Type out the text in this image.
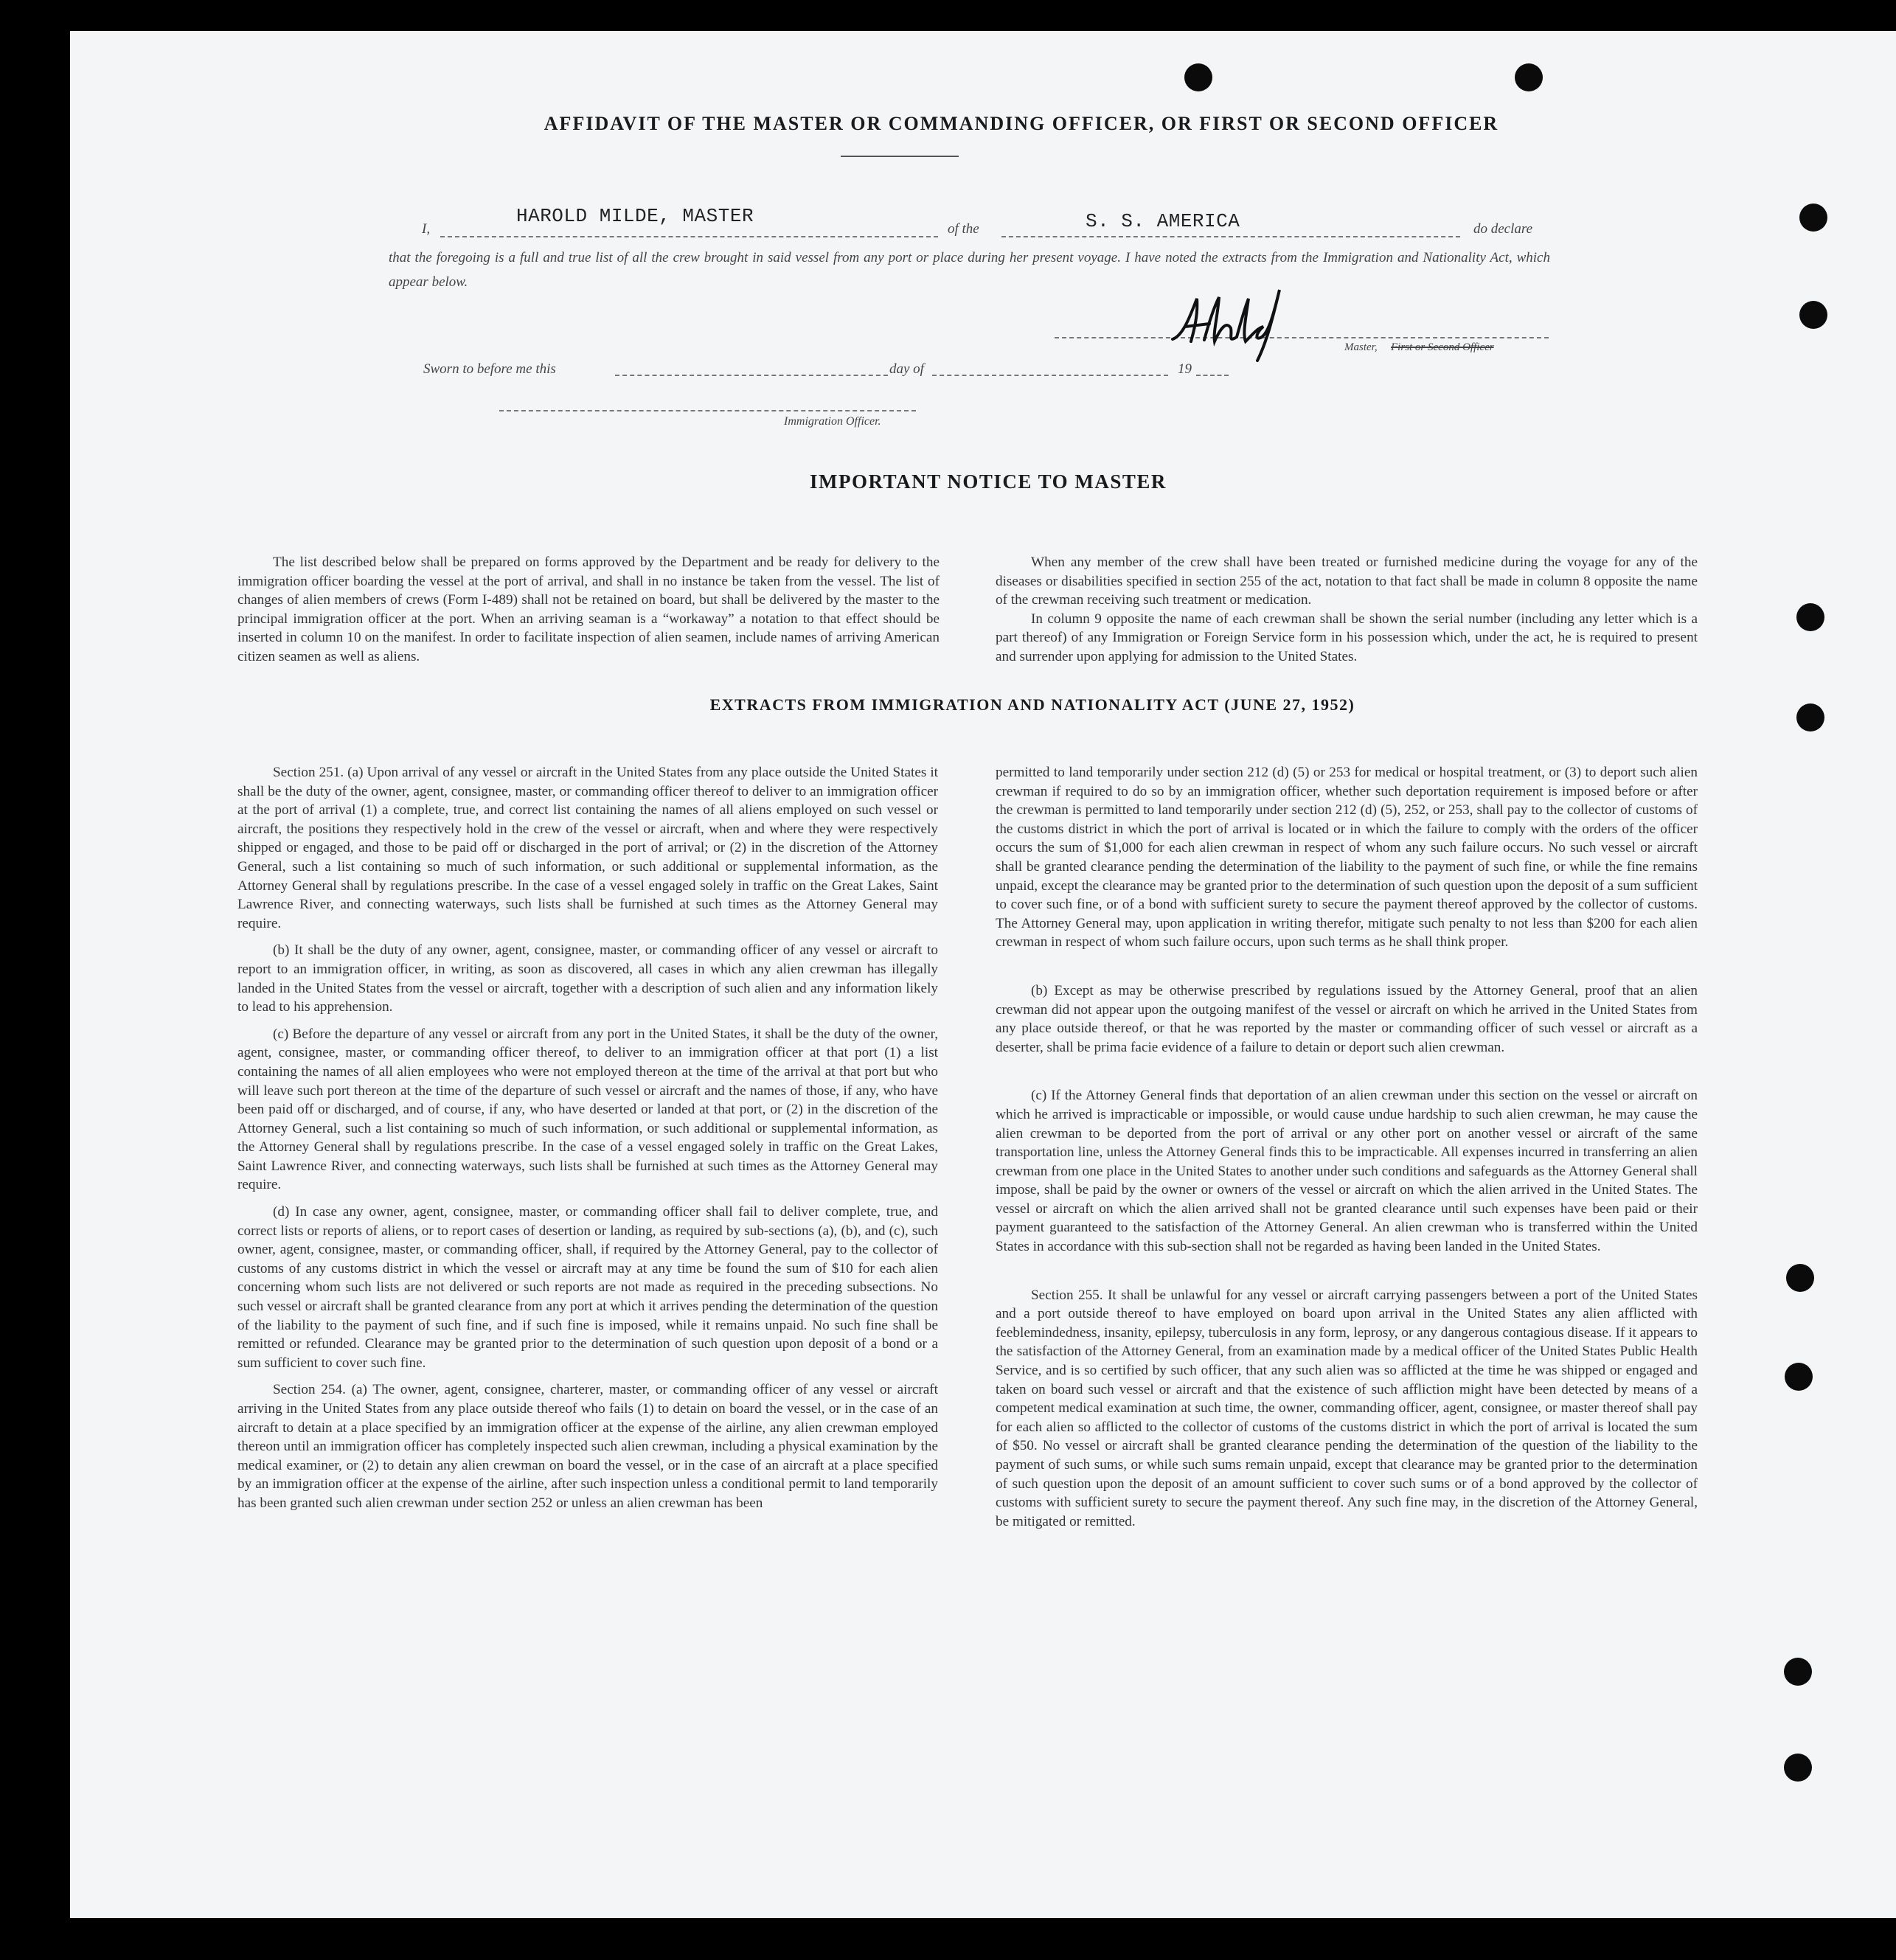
AFFIDAVIT OF THE MASTER OR COMMANDING OFFICER, OR FIRST OR SECOND OFFICER
I,
HAROLD MILDE, MASTER
of the	S. S. AMERICA	do declare
that the foregoing is a full and true list of all the crew brought in said vessel from any port or place during her present voyage. I have noted the extracts from the Immigration and Nationality Act, which appear below.
Master, First or Second Officer
Sworn to before me this	day of	19
Immigration Officer.
IMPORTANT NOTICE TO MASTER

The list described below shall be prepared on forms approved by the Department and be ready for delivery to the immigration officer boarding the vessel at the port of arrival, and shall in no instance be taken from the vessel. The list of changes of alien members of crews (Form I-489) shall not be retained on board, but shall be delivered by the master to the principal immigration officer at the port. When an arriving seaman is a “workaway” a notation to that effect should be inserted in column 10 on the manifest. In order to facilitate inspection of alien seamen, include names of arriving American citizen seamen as well as aliens.

When any member of the crew shall have been treated or furnished medicine during the voyage for any of the diseases or disabilities specified in section 255 of the act, notation to that fact shall be made in column 8 opposite the name of the crewman receiving such treatment or medication.

In column 9 opposite the name of each crewman shall be shown the serial number (including any letter which is a part thereof) of any Immigration or Foreign Service form in his possession which, under the act, he is required to present and surrender upon applying for admission to the United States.

EXTRACTS FROM IMMIGRATION AND NATIONALITY ACT (JUNE 27, 1952)

Section 251. (a) Upon arrival of any vessel or aircraft in the United States from any place outside the United States it shall be the duty of the owner, agent, consignee, master, or commanding officer thereof to deliver to an immigration officer at the port of arrival (1) a complete, true, and correct list containing the names of all aliens employed on such vessel or aircraft, the positions they respectively hold in the crew of the vessel or aircraft, when and where they were respectively shipped or engaged, and those to be paid off or discharged in the port of arrival; or (2) in the discretion of the Attorney General, such a list containing so much of such information, or such additional or supplemental information, as the Attorney General shall by regulations prescribe. In the case of a vessel engaged solely in traffic on the Great Lakes, Saint Lawrence River, and connecting waterways, such lists shall be furnished at such times as the Attorney General may require.

(b) It shall be the duty of any owner, agent, consignee, master, or commanding officer of any vessel or aircraft to report to an immigration officer, in writing, as soon as discovered, all cases in which any alien crewman has illegally landed in the United States from the vessel or aircraft, together with a description of such alien and any information likely to lead to his apprehension.

(c) Before the departure of any vessel or aircraft from any port in the United States, it shall be the duty of the owner, agent, consignee, master, or commanding officer thereof, to deliver to an immigration officer at that port (1) a list containing the names of all alien employees who were not employed thereon at the time of the arrival at that port but who will leave such port thereon at the time of the departure of such vessel or aircraft and the names of those, if any, who have been paid off or discharged, and of course, if any, who have deserted or landed at that port, or (2) in the discretion of the Attorney General, such a list containing so much of such information, or such additional or supplemental information, as the Attorney General shall by regulations prescribe. In the case of a vessel engaged solely in traffic on the Great Lakes, Saint Lawrence River, and connecting waterways, such lists shall be furnished at such times as the Attorney General may require.

(d) In case any owner, agent, consignee, master, or commanding officer shall fail to deliver complete, true, and correct lists or reports of aliens, or to report cases of desertion or landing, as required by sub-sections (a), (b), and (c), such owner, agent, consignee, master, or commanding officer, shall, if required by the Attorney General, pay to the collector of customs of any customs district in which the vessel or aircraft may at any time be found the sum of $10 for each alien concerning whom such lists are not delivered or such reports are not made as required in the preceding subsections. No such vessel or aircraft shall be granted clearance from any port at which it arrives pending the determination of the question of the liability to the payment of such fine, and if such fine is imposed, while it remains unpaid. No such fine shall be remitted or refunded. Clearance may be granted prior to the determination of such question upon deposit of a bond or a sum sufficient to cover such fine.

Section 254. (a) The owner, agent, consignee, charterer, master, or commanding officer of any vessel or aircraft arriving in the United States from any place outside thereof who fails (1) to detain on board the vessel, or in the case of an aircraft to detain at a place specified by an immigration officer at the expense of the airline, any alien crewman employed thereon until an immigration officer has completely inspected such alien crewman, including a physical examination by the medical examiner, or (2) to detain any alien crewman on board the vessel, or in the case of an aircraft at a place specified by an immigration officer at the expense of the airline, after such inspection unless a conditional permit to land temporarily has been granted such alien crewman under section 252 or unless an alien crewman has been

permitted to land temporarily under section 212 (d) (5) or 253 for medical or hospital treatment, or (3) to deport such alien crewman if required to do so by an immigration officer, whether such deportation requirement is imposed before or after the crewman is permitted to land temporarily under section 212 (d) (5), 252, or 253, shall pay to the collector of customs of the customs district in which the port of arrival is located or in which the failure to comply with the orders of the officer occurs the sum of $1,000 for each alien crewman in respect of whom any such failure occurs. No such vessel or aircraft shall be granted clearance pending the determination of the liability to the payment of such fine, or while the fine remains unpaid, except the clearance may be granted prior to the determination of such question upon the deposit of a sum sufficient to cover such fine, or of a bond with sufficient surety to secure the payment thereof approved by the collector of customs. The Attorney General may, upon application in writing therefor, mitigate such penalty to not less than $200 for each alien crewman in respect of whom such failure occurs, upon such terms as he shall think proper.

(b) Except as may be otherwise prescribed by regulations issued by the Attorney General, proof that an alien crewman did not appear upon the outgoing manifest of the vessel or aircraft on which he arrived in the United States from any place outside thereof, or that he was reported by the master or commanding officer of such vessel or aircraft as a deserter, shall be prima facie evidence of a failure to detain or deport such alien crewman.

(c) If the Attorney General finds that deportation of an alien crewman under this section on the vessel or aircraft on which he arrived is impracticable or impossible, or would cause undue hardship to such alien crewman, he may cause the alien crewman to be deported from the port of arrival or any other port on another vessel or aircraft of the same transportation line, unless the Attorney General finds this to be impracticable. All expenses incurred in transferring an alien crewman from one place in the United States to another under such conditions and safeguards as the Attorney General shall impose, shall be paid by the owner or owners of the vessel or aircraft on which the alien arrived in the United States. The vessel or aircraft on which the alien arrived shall not be granted clearance until such expenses have been paid or their payment guaranteed to the satisfaction of the Attorney General. An alien crewman who is transferred within the United States in accordance with this sub-section shall not be regarded as having been landed in the United States.

Section 255. It shall be unlawful for any vessel or aircraft carrying passengers between a port of the United States and a port outside thereof to have employed on board upon arrival in the United States any alien afflicted with feeblemindedness, insanity, epilepsy, tuberculosis in any form, leprosy, or any dangerous contagious disease. If it appears to the satisfaction of the Attorney General, from an examination made by a medical officer of the United States Public Health Service, and is so certified by such officer, that any such alien was so afflicted at the time he was shipped or engaged and taken on board such vessel or aircraft and that the existence of such affliction might have been detected by means of a competent medical examination at such time, the owner, commanding officer, agent, consignee, or master thereof shall pay for each alien so afflicted to the collector of customs of the customs district in which the port of arrival is located the sum of $50. No vessel or aircraft shall be granted clearance pending the determination of the question of the liability to the payment of such sums, or while such sums remain unpaid, except that clearance may be granted prior to the determination of such question upon the deposit of an amount sufficient to cover such sums or of a bond approved by the collector of customs with sufficient surety to secure the payment thereof. Any such fine may, in the discretion of the Attorney General, be mitigated or remitted.
